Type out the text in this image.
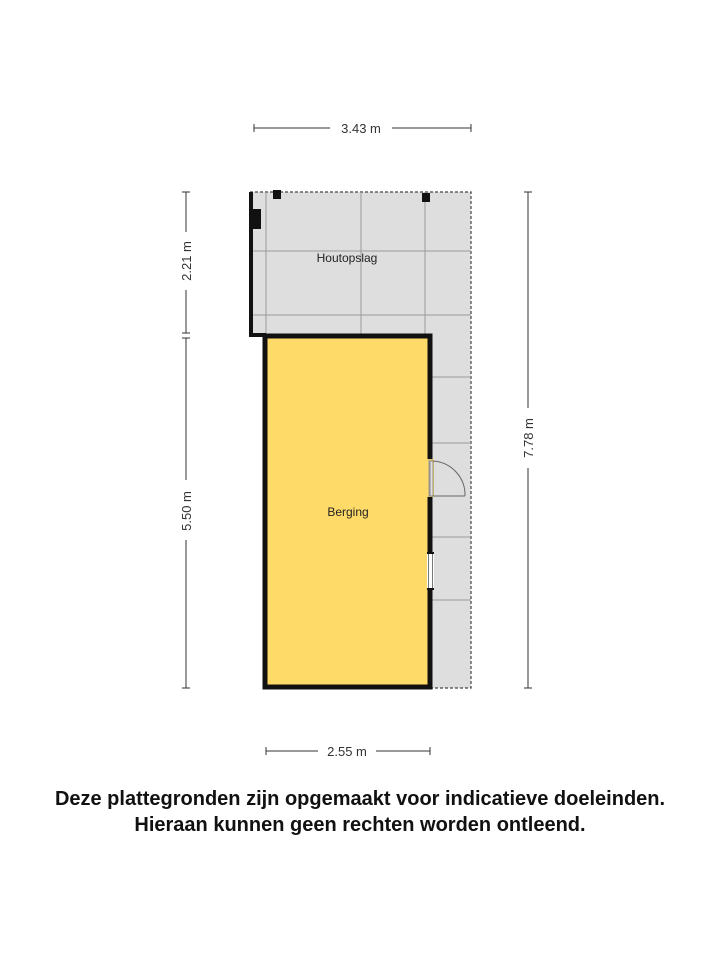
Houtopslag
Berging
3.43 m
2.55 m
2.21 m
5.50 m
7.78 m
Deze plattegronden zijn opgemaakt voor indicatieve doeleinden.
Hieraan kunnen geen rechten worden ontleend.
